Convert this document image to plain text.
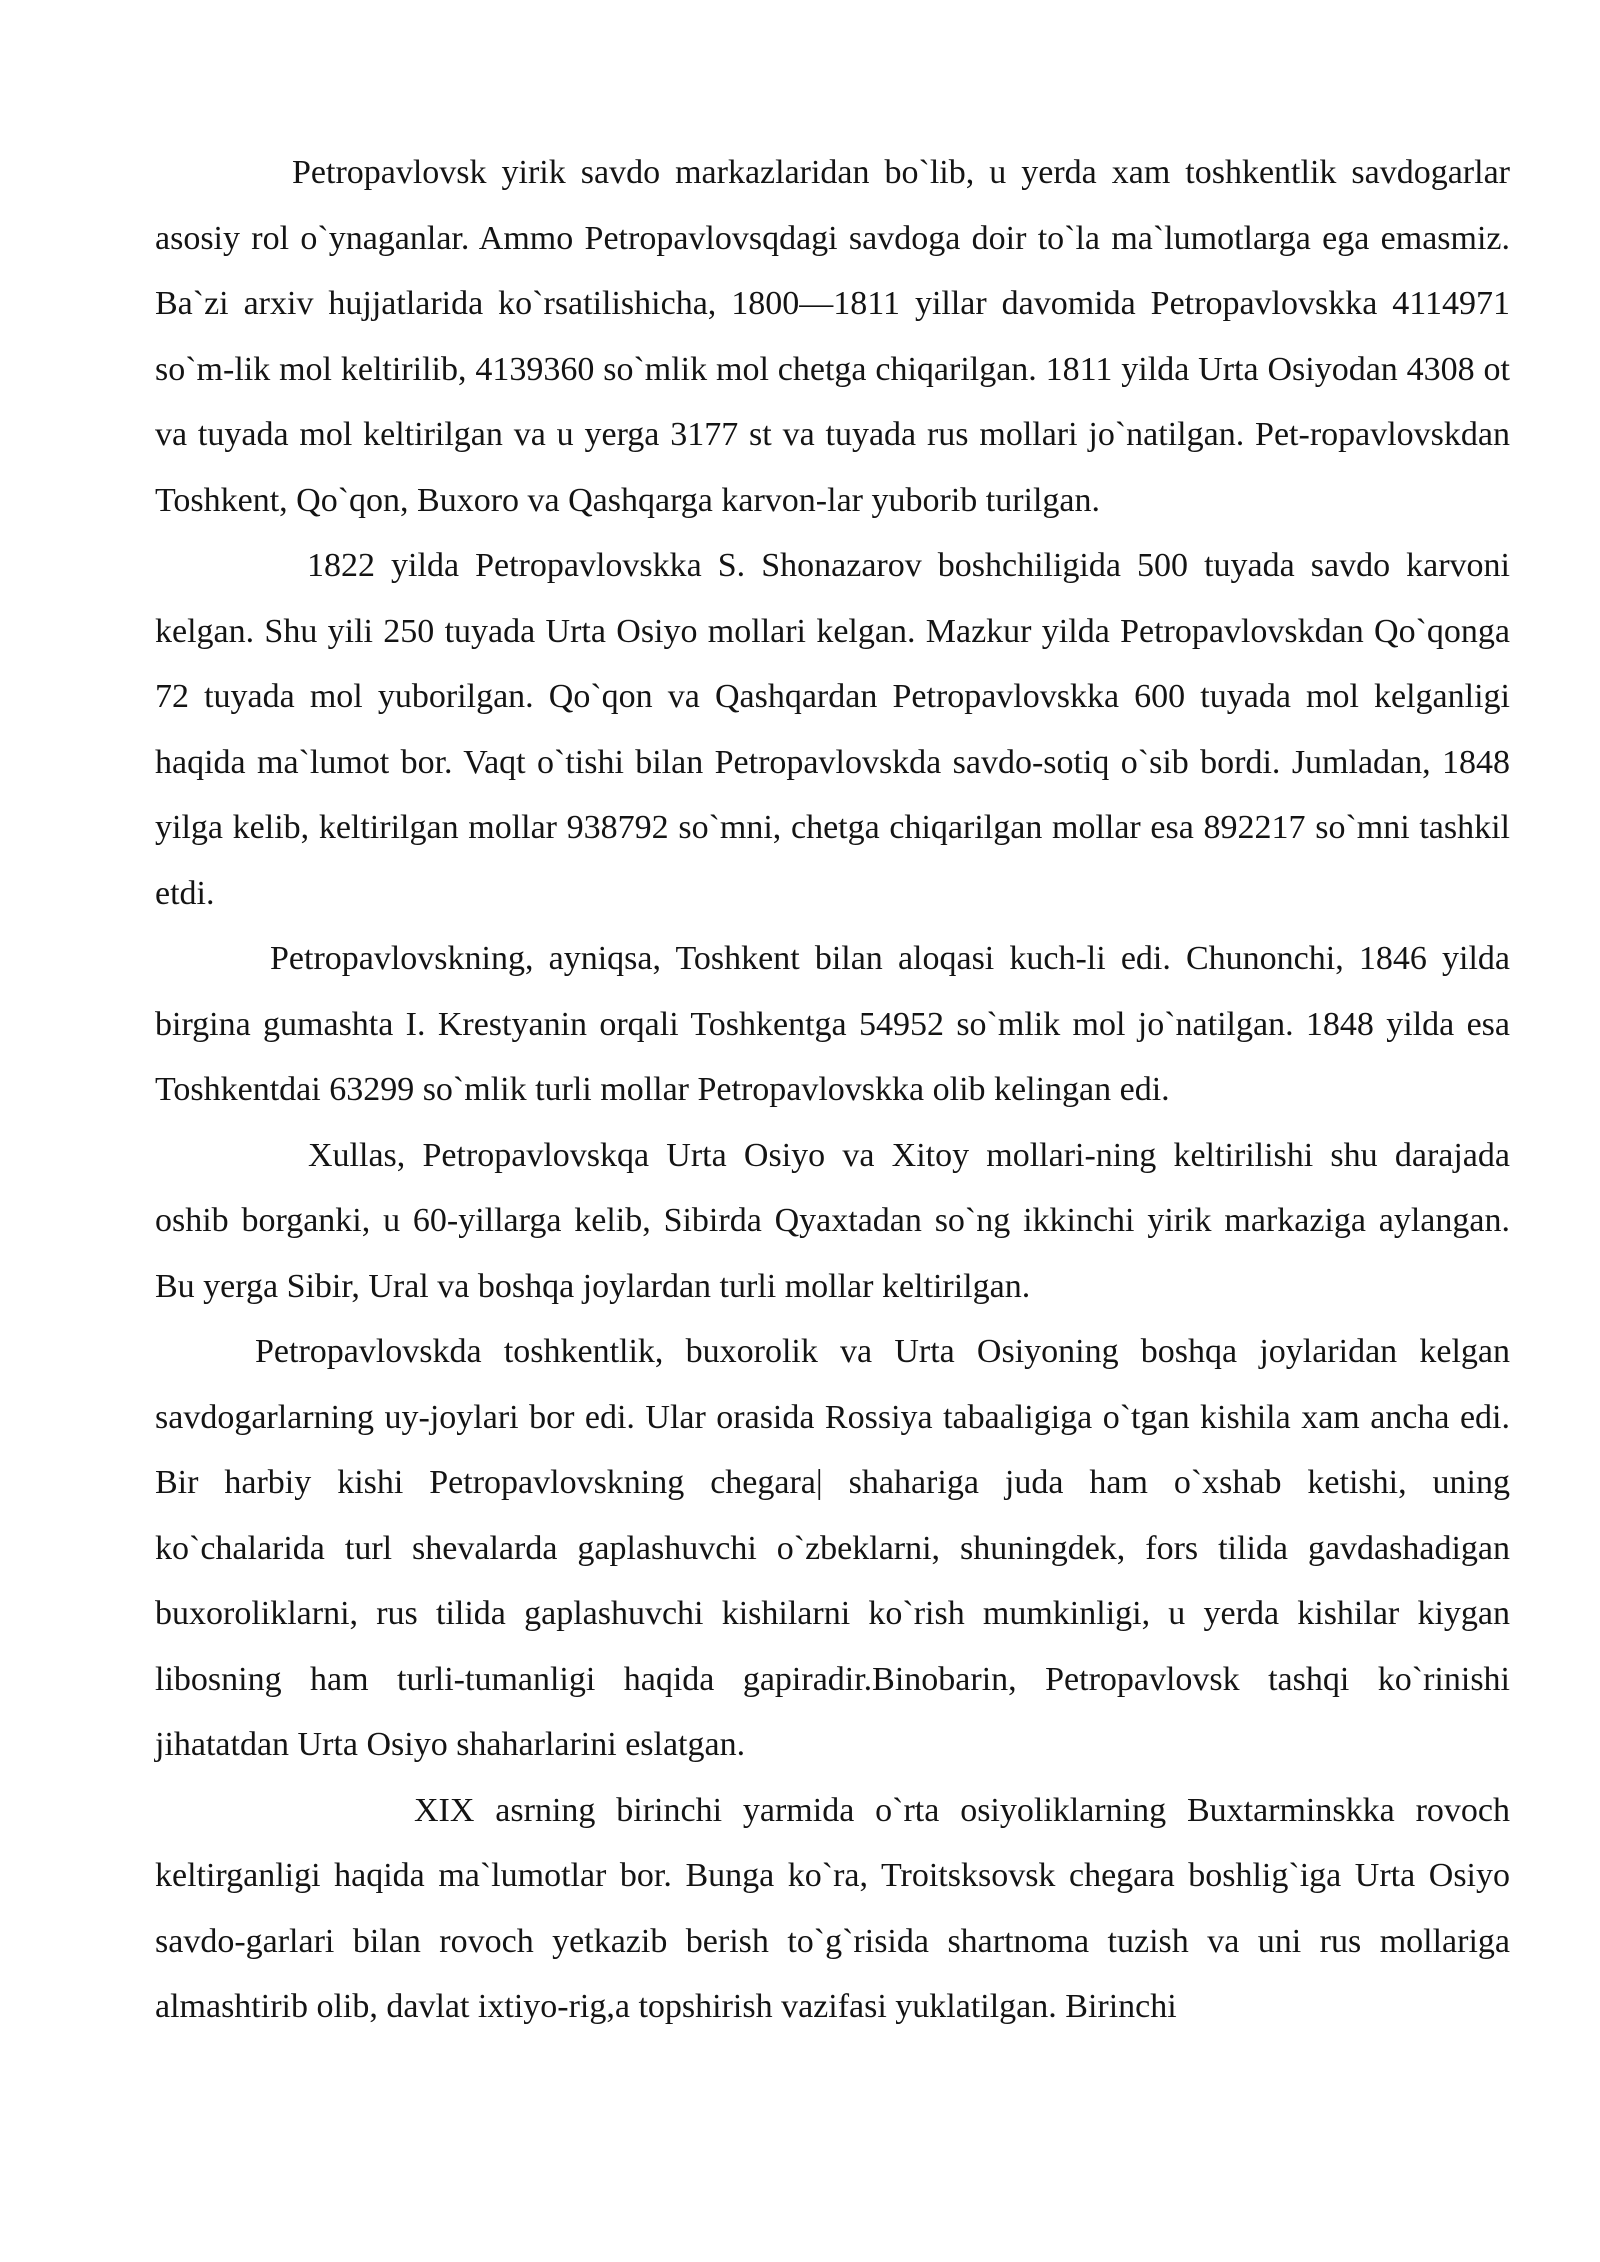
Petropavlovsk yirik savdo markazlaridan bo`lib, u yerda xam toshkentlik savdogarlar asosiy rol o`ynaganlar. Ammo Petropavlovsqdagi savdoga doir to`la ma`lumotlarga ega emasmiz. Ba`zi arxiv hujjatlarida ko`rsatilishicha, 1800—1811 yillar davomida Petropavlovskka 4114971 so`m-lik mol keltirilib, 4139360 so`mlik mol chetga chiqarilgan. 1811 yilda Urta Osiyodan 4308 ot va tuyada mol keltirilgan va u yerga 3177 st va tuyada rus mollari jo`natilgan. Pet-ropavlovskdan Toshkent, Qo`qon, Buxoro va Qashqarga karvon-lar yuborib turilgan.

1822 yilda Petropavlovskka S. Shonazarov boshchiligida 500 tuyada savdo karvoni kelgan. Shu yili 250 tuyada Urta Osiyo mollari kelgan. Mazkur yilda Petropavlovskdan Qo`qonga 72 tuyada mol yuborilgan. Qo`qon va Qashqardan Petropavlovskka 600 tuyada mol kelganligi haqida ma`lumot bor. Vaqt o`tishi bilan Petropavlovskda savdo-sotiq o`sib bordi. Jumladan, 1848 yilga kelib, keltirilgan mollar 938792 so`mni, chetga chiqarilgan mollar esa 892217 so`mni tashkil etdi.

Petropavlovskning, ayniqsa, Toshkent bilan aloqasi kuch-li edi. Chunonchi, 1846 yilda birgina gumashta I. Krestyanin orqali Toshkentga 54952 so`mlik mol jo`natilgan. 1848 yilda esa Toshkentdai 63299 so`mlik turli mollar Petropavlovskka olib kelingan edi.

Xullas, Petropavlovskqa Urta Osiyo va Xitoy mollari-ning keltirilishi shu darajada oshib borganki, u 60-yillarga kelib, Sibirda Qyaxtadan so`ng ikkinchi yirik markaziga aylangan. Bu yerga Sibir, Ural va boshqa joylardan turli mollar keltirilgan.

Petropavlovskda toshkentlik, buxorolik va Urta Osiyoning boshqa joylaridan kelgan savdogarlarning uy-joylari bor edi. Ular orasida Rossiya tabaaligiga o`tgan kishila xam ancha edi. Bir harbiy kishi Petropavlovskning chegara| shahariga juda ham o`xshab ketishi, uning ko`chalarida turl shevalarda gaplashuvchi o`zbeklarni, shuningdek, fors tilida gavdashadigan buxoroliklarni, rus tilida gaplashuvchi kishilarni ko`rish mumkinligi, u yerda kishilar kiygan libosning ham turli-tumanligi haqida gapiradir.Binobarin, Petropavlovsk tashqi ko`rinishi jihatatdan Urta Osiyo shaharlarini eslatgan.

XIX asrning birinchi yarmida o`rta osiyoliklarning Buxtarminskka rovoch keltirganligi haqida ma`lumotlar bor. Bunga ko`ra, Troitsksovsk chegara boshlig`iga Urta Osiyo savdo-garlari bilan rovoch yetkazib berish to`g`risida shartnoma tuzish va uni rus mollariga almashtirib olib, davlat ixtiyo-rig,a topshirish vazifasi yuklatilgan. Birinchi
